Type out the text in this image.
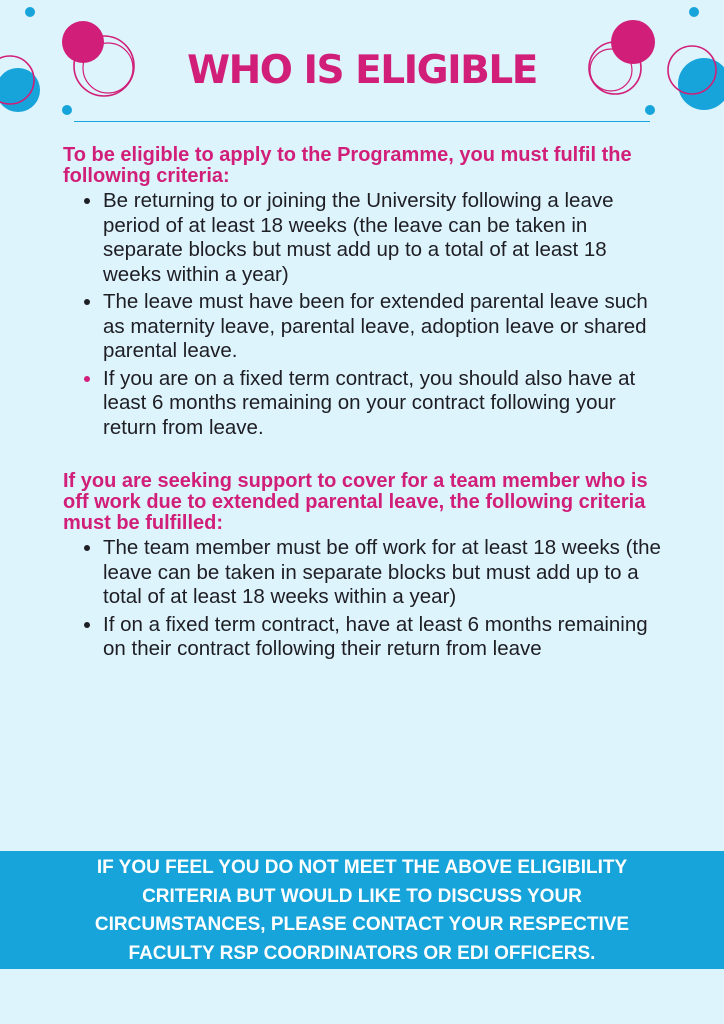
WHO IS ELIGIBLE

To be eligible to apply to the Programme, you must fulfil the following criteria:

• Be returning to or joining the University following a leave period of at least 18 weeks (the leave can be taken in separate blocks but must add up to a total of at least 18 weeks within a year)
• The leave must have been for extended parental leave such as maternity leave, parental leave, adoption leave or shared parental leave.
• If you are on a fixed term contract, you should also have at least 6 months remaining on your contract following your return from leave.

If you are seeking support to cover for a team member who is off work due to extended parental leave, the following criteria must be fulfilled:

• The team member must be off work for at least 18 weeks (the leave can be taken in separate blocks but must add up to a total of at least 18 weeks within a year)
• If on a fixed term contract, have at least 6 months remaining on their contract following their return from leave
IF YOU FEEL YOU DO NOT MEET THE ABOVE ELIGIBILITY
CRITERIA BUT WOULD LIKE TO DISCUSS YOUR
CIRCUMSTANCES, PLEASE CONTACT YOUR RESPECTIVE
FACULTY RSP COORDINATORS OR EDI OFFICERS.
